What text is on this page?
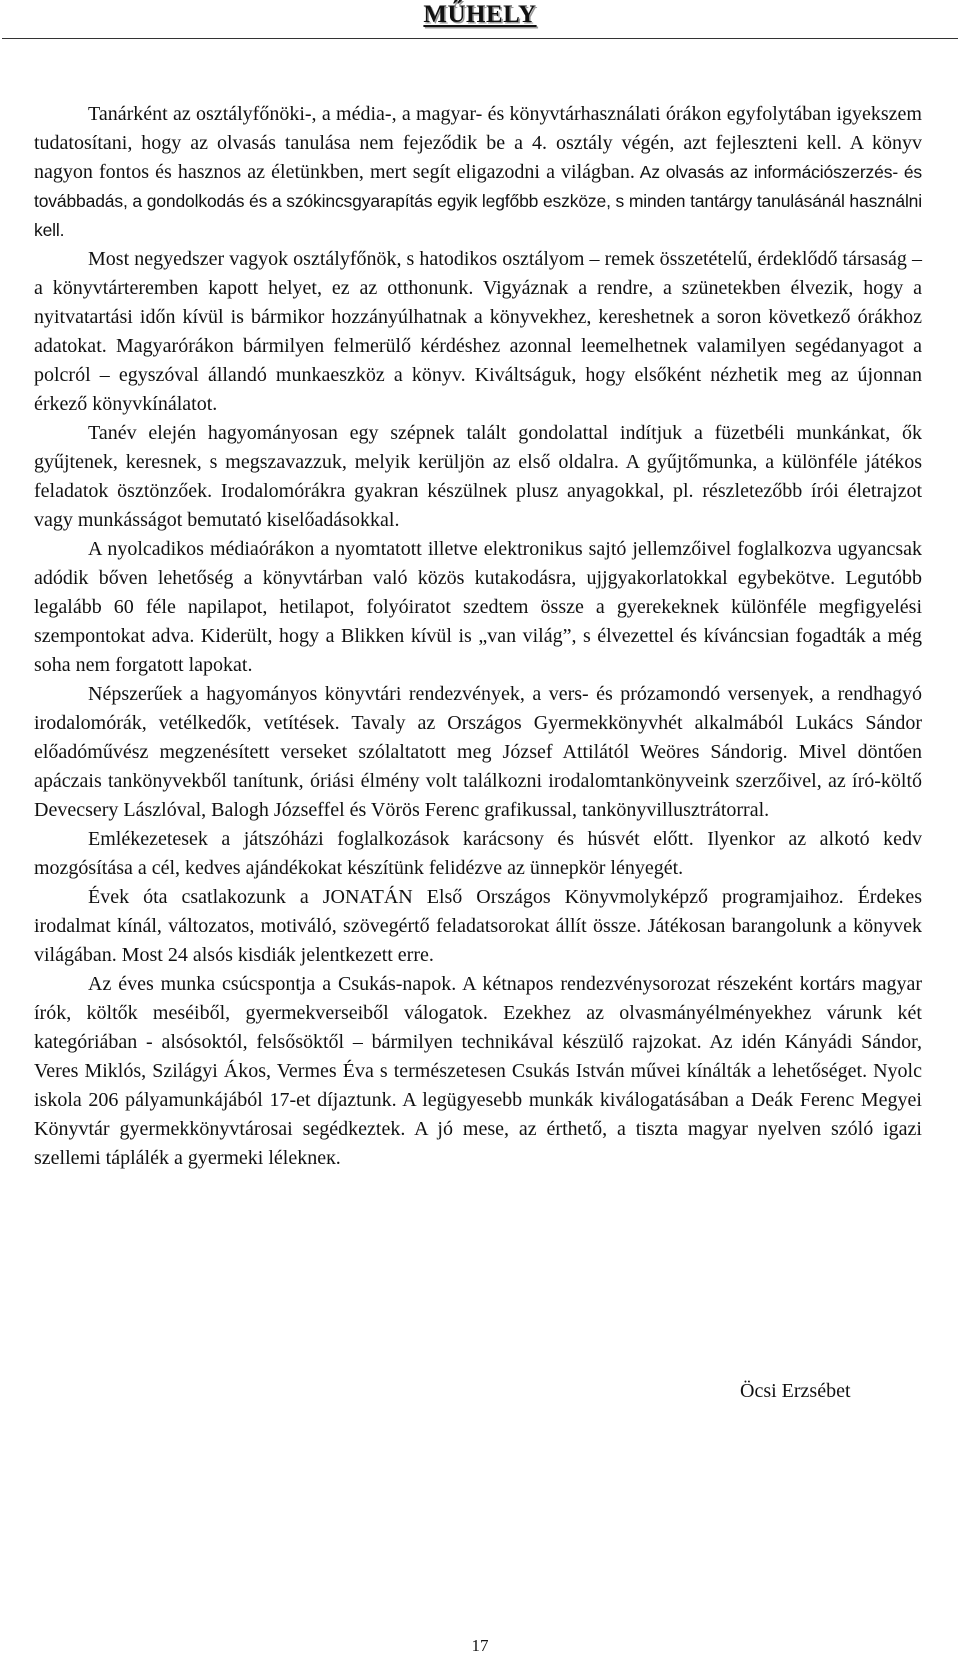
MŰHELY

Tanárként az osztályfőnöki-, a média-, a magyar- és könyvtárhasználati órákon egyfolytában igyekszem tudatosítani, hogy az olvasás tanulása nem fejeződik be a 4. osztály végén, azt fejleszteni kell. A könyv nagyon fontos és hasznos az életünkben, mert segít eligazodni a világban. Az olvasás az információszerzés- és továbbadás, a gondolkodás és a szókincsgyarapítás egyik legfőbb eszköze, s minden tantárgy tanulásánál használni kell.

Most negyedszer vagyok osztályfőnök, s hatodikos osztályom – remek összetételű, érdeklődő társaság – a könyvtárteremben kapott helyet, ez az otthonunk. Vigyáznak a rendre, a szünetekben élvezik, hogy a nyitvatartási időn kívül is bármikor hozzányúlhatnak a könyvekhez, kereshetnek a soron következő órákhoz adatokat. Magyarórákon bármilyen felmerülő kérdéshez azonnal leemelhetnek valamilyen segédanyagot a polcról – egyszóval állandó munkaeszköz a könyv. Kiváltságuk, hogy elsőként nézhetik meg az újonnan érkező könyvkínálatot.

Tanév elején hagyományosan egy szépnek talált gondolattal indítjuk a füzetbéli munkánkat, ők gyűjtenek, keresnek, s megszavazzuk, melyik kerüljön az első oldalra. A gyűjtőmunka, a különféle játékos feladatok ösztönzőek. Irodalomórákra gyakran készülnek plusz anyagokkal, pl. részletezőbb írói életrajzot vagy munkásságot bemutató kiselőadásokkal.

A nyolcadikos médiaórákon a nyomtatott illetve elektronikus sajtó jellemzőivel foglalkozva ugyancsak adódik bőven lehetőség a könyvtárban való közös kutakodásra, ujjgyakorlatokkal egybekötve. Legutóbb legalább 60 féle napilapot, hetilapot, folyóiratot szedtem össze a gyerekeknek különféle megfigyelési szempontokat adva. Kiderült, hogy a Blikken kívül is „van világ”, s élvezettel és kíváncsian fogadták a még soha nem forgatott lapokat.

Népszerűek a hagyományos könyvtári rendezvények, a vers- és prózamondó versenyek, a rendhagyó irodalomórák, vetélkedők, vetítések. Tavaly az Országos Gyermekkönyvhét alkalmából Lukács Sándor előadóművész megzenésített verseket szólaltatott meg József Attilától Weöres Sándorig. Mivel döntően apáczais tankönyvekből tanítunk, óriási élmény volt találkozni irodalomtankönyveink szerzőivel, az író-költő Devecsery Lászlóval, Balogh Józseffel és Vörös Ferenc grafikussal, tankönyvillusztrátorral.

Emlékezetesek a játszóházi foglalkozások karácsony és húsvét előtt. Ilyenkor az alkotó kedv mozgósítása a cél, kedves ajándékokat készítünk felidézve az ünnepkör lényegét.

Évek óta csatlakozunk a JONATÁN Első Országos Könyvmolyképző programjaihoz. Érdekes irodalmat kínál, változatos, motiváló, szövegértő feladatsorokat állít össze. Játékosan barangolunk a könyvek világában. Most 24 alsós kisdiák jelentkezett erre.

Az éves munka csúcspontja a Csukás-napok. A kétnapos rendezvénysorozat részeként kortárs magyar írók, költők meséiből, gyermekverseiből válogatok. Ezekhez az olvasmányélményekhez várunk két kategóriában - alsósoktól, felsősöktől – bármilyen technikával készülő rajzokat. Az idén Kányádi Sándor, Veres Miklós, Szilágyi Ákos, Vermes Éva s természetesen Csukás István művei kínálták a lehetőséget. Nyolc iskola 206 pályamunkájából 17-et díjaztunk. A legügyesebb munkák kiválogatásában a Deák Ferenc Megyei Könyvtár gyermekkönyvtárosai segédkeztek. A jó mese, az érthető, a tiszta magyar nyelven szóló igazi szellemi táplálék a gyermeki lélekneк.

Öcsi Erzsébet
17
